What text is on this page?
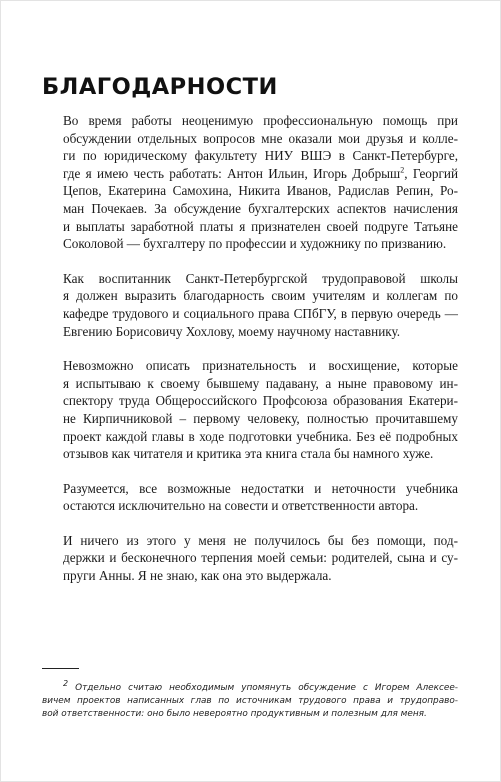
БЛАГОДАРНОСТИ

Во время работы неоценимую профессиональную помощь при
обсуждении отдельных вопросов мне оказали мои друзья и колле-
ги по юридическому факультету НИУ ВШЭ в Санкт-Петербурге,
где я имею честь работать: Антон Ильин, Игорь Добрыш$^2$, Георгий
Цепов, Екатерина Самохина, Никита Иванов, Радислав Репин, Ро-
ман Почекаев. За обсуждение бухгалтерских аспектов начисления
и выплаты заработной платы я признателен своей подруге Татьяне
Соколовой — бухгалтеру по профессии и художнику по призванию.

Как воспитанник Санкт-Петербургской трудоправовой школы
я должен выразить благодарность своим учителям и коллегам по
кафедре трудового и социального права СПбГУ, в первую очередь —
Евгению Борисовичу Хохлову, моему научному наставнику.

Невозможно описать признательность и восхищение, которые
я испытываю к своему бывшему падавану, а ныне правовому ин-
спектору труда Общероссийского Профсоюза образования Екатери-
не Кирпичниковой – первому человеку, полностью прочитавшему
проект каждой главы в ходе подготовки учебника. Без её подробных
отзывов как читателя и критика эта книга стала бы намного хуже.

Разумеется, все возможные недостатки и неточности учебника
остаются исключительно на совести и ответственности автора.

И ничего из этого у меня не получилось бы без помощи, под-
держки и бесконечного терпения моей семьи: родителей, сына и су-
пруги Анны. Я не знаю, как она это выдержала.

$^2$ Отдельно считаю необходимым упомянуть обсуждение с Игорем Алексее-
вичем проектов написанных глав по источникам трудового права и трудоправо-
вой ответственности: оно было невероятно продуктивным и полезным для меня.
